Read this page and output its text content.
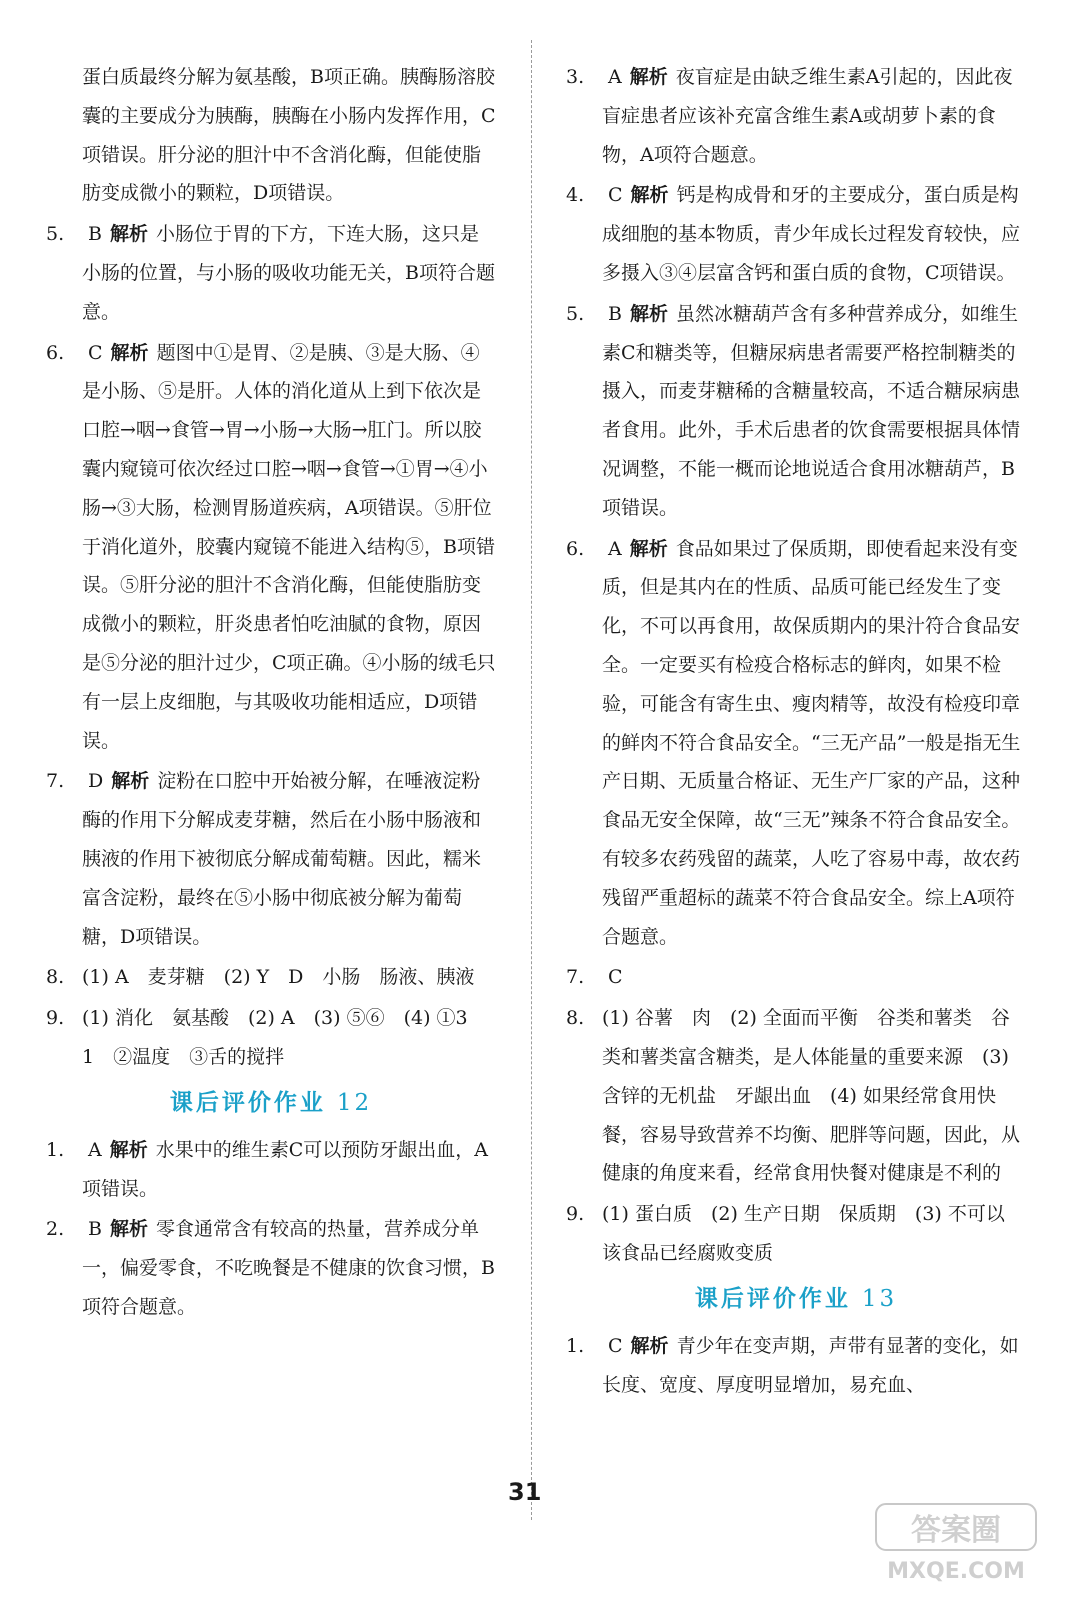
蛋白质最终分解为氨基酸，B项正确。胰酶肠溶胶囊的主要成分为胰酶，胰酶在小肠内发挥作用，C项错误。肝分泌的胆汁中不含消化酶，但能使脂肪变成微小的颗粒，D项错误。
5.	B 解析 小肠位于胃的下方，下连大肠，这只是小肠的位置，与小肠的吸收功能无关，B项符合题意。
6.	C 解析 题图中①是胃、②是胰、③是大肠、④是小肠、⑤是肝。人体的消化道从上到下依次是口腔→咽→食管→胃→小肠→大肠→肛门。所以胶囊内窥镜可依次经过口腔→咽→食管→①胃→④小肠→③大肠，检测胃肠道疾病，A项错误。⑤肝位于消化道外，胶囊内窥镜不能进入结构⑤，B项错误。⑤肝分泌的胆汁不含消化酶，但能使脂肪变成微小的颗粒，肝炎患者怕吃油腻的食物，原因是⑤分泌的胆汁过少，C项正确。④小肠的绒毛只有一层上皮细胞，与其吸收功能相适应，D项错误。
7.	D 解析 淀粉在口腔中开始被分解，在唾液淀粉酶的作用下分解成麦芽糖，然后在小肠中肠液和胰液的作用下被彻底分解成葡萄糖。因此，糯米富含淀粉，最终在⑤小肠中彻底被分解为葡萄糖，D项错误。
8. (1) A　麦芽糖　(2) Y　D　小肠　肠液、胰液
9. (1) 消化　氨基酸　(2) A　(3) ⑤⑥　(4) ①3　1　②温度　③舌的搅拌
课后评价作业 12
1.	A 解析 水果中的维生素C可以预防牙龈出血，A项错误。
2.	B 解析 零食通常含有较高的热量，营养成分单一，偏爱零食，不吃晚餐是不健康的饮食习惯，B项符合题意。
3.	A 解析 夜盲症是由缺乏维生素A引起的，因此夜盲症患者应该补充富含维生素A或胡萝卜素的食物，A项符合题意。
4.	C 解析 钙是构成骨和牙的主要成分，蛋白质是构成细胞的基本物质，青少年成长过程发育较快，应多摄入③④层富含钙和蛋白质的食物，C项错误。
5.	B 解析 虽然冰糖葫芦含有多种营养成分，如维生素C和糖类等，但糖尿病患者需要严格控制糖类的摄入，而麦芽糖稀的含糖量较高，不适合糖尿病患者食用。此外，手术后患者的饮食需要根据具体情况调整，不能一概而论地说适合食用冰糖葫芦，B项错误。
6.	A 解析 食品如果过了保质期，即使看起来没有变质，但是其内在的性质、品质可能已经发生了变化，不可以再食用，故保质期内的果汁符合食品安全。一定要买有检疫合格标志的鲜肉，如果不检验，可能含有寄生虫、瘦肉精等，故没有检疫印章的鲜肉不符合食品安全。“三无产品”一般是指无生产日期、无质量合格证、无生产厂家的产品，这种食品无安全保障，故“三无”辣条不符合食品安全。有较多农药残留的蔬菜，人吃了容易中毒，故农药残留严重超标的蔬菜不符合食品安全。综上A项符合题意。
7.	C
8. (1) 谷薯　肉　(2) 全面而平衡　谷类和薯类　谷类和薯类富含糖类，是人体能量的重要来源　(3) 含锌的无机盐　牙龈出血　(4) 如果经常食用快餐，容易导致营养不均衡、肥胖等问题，因此，从健康的角度来看，经常食用快餐对健康是不利的
9. (1) 蛋白质　(2) 生产日期　保质期　(3) 不可以　该食品已经腐败变质
课后评价作业 13
1.	C 解析 青少年在变声期，声带有显著的变化，如长度、宽度、厚度明显增加，易充血、
31
答案圈
MXQE.COM
